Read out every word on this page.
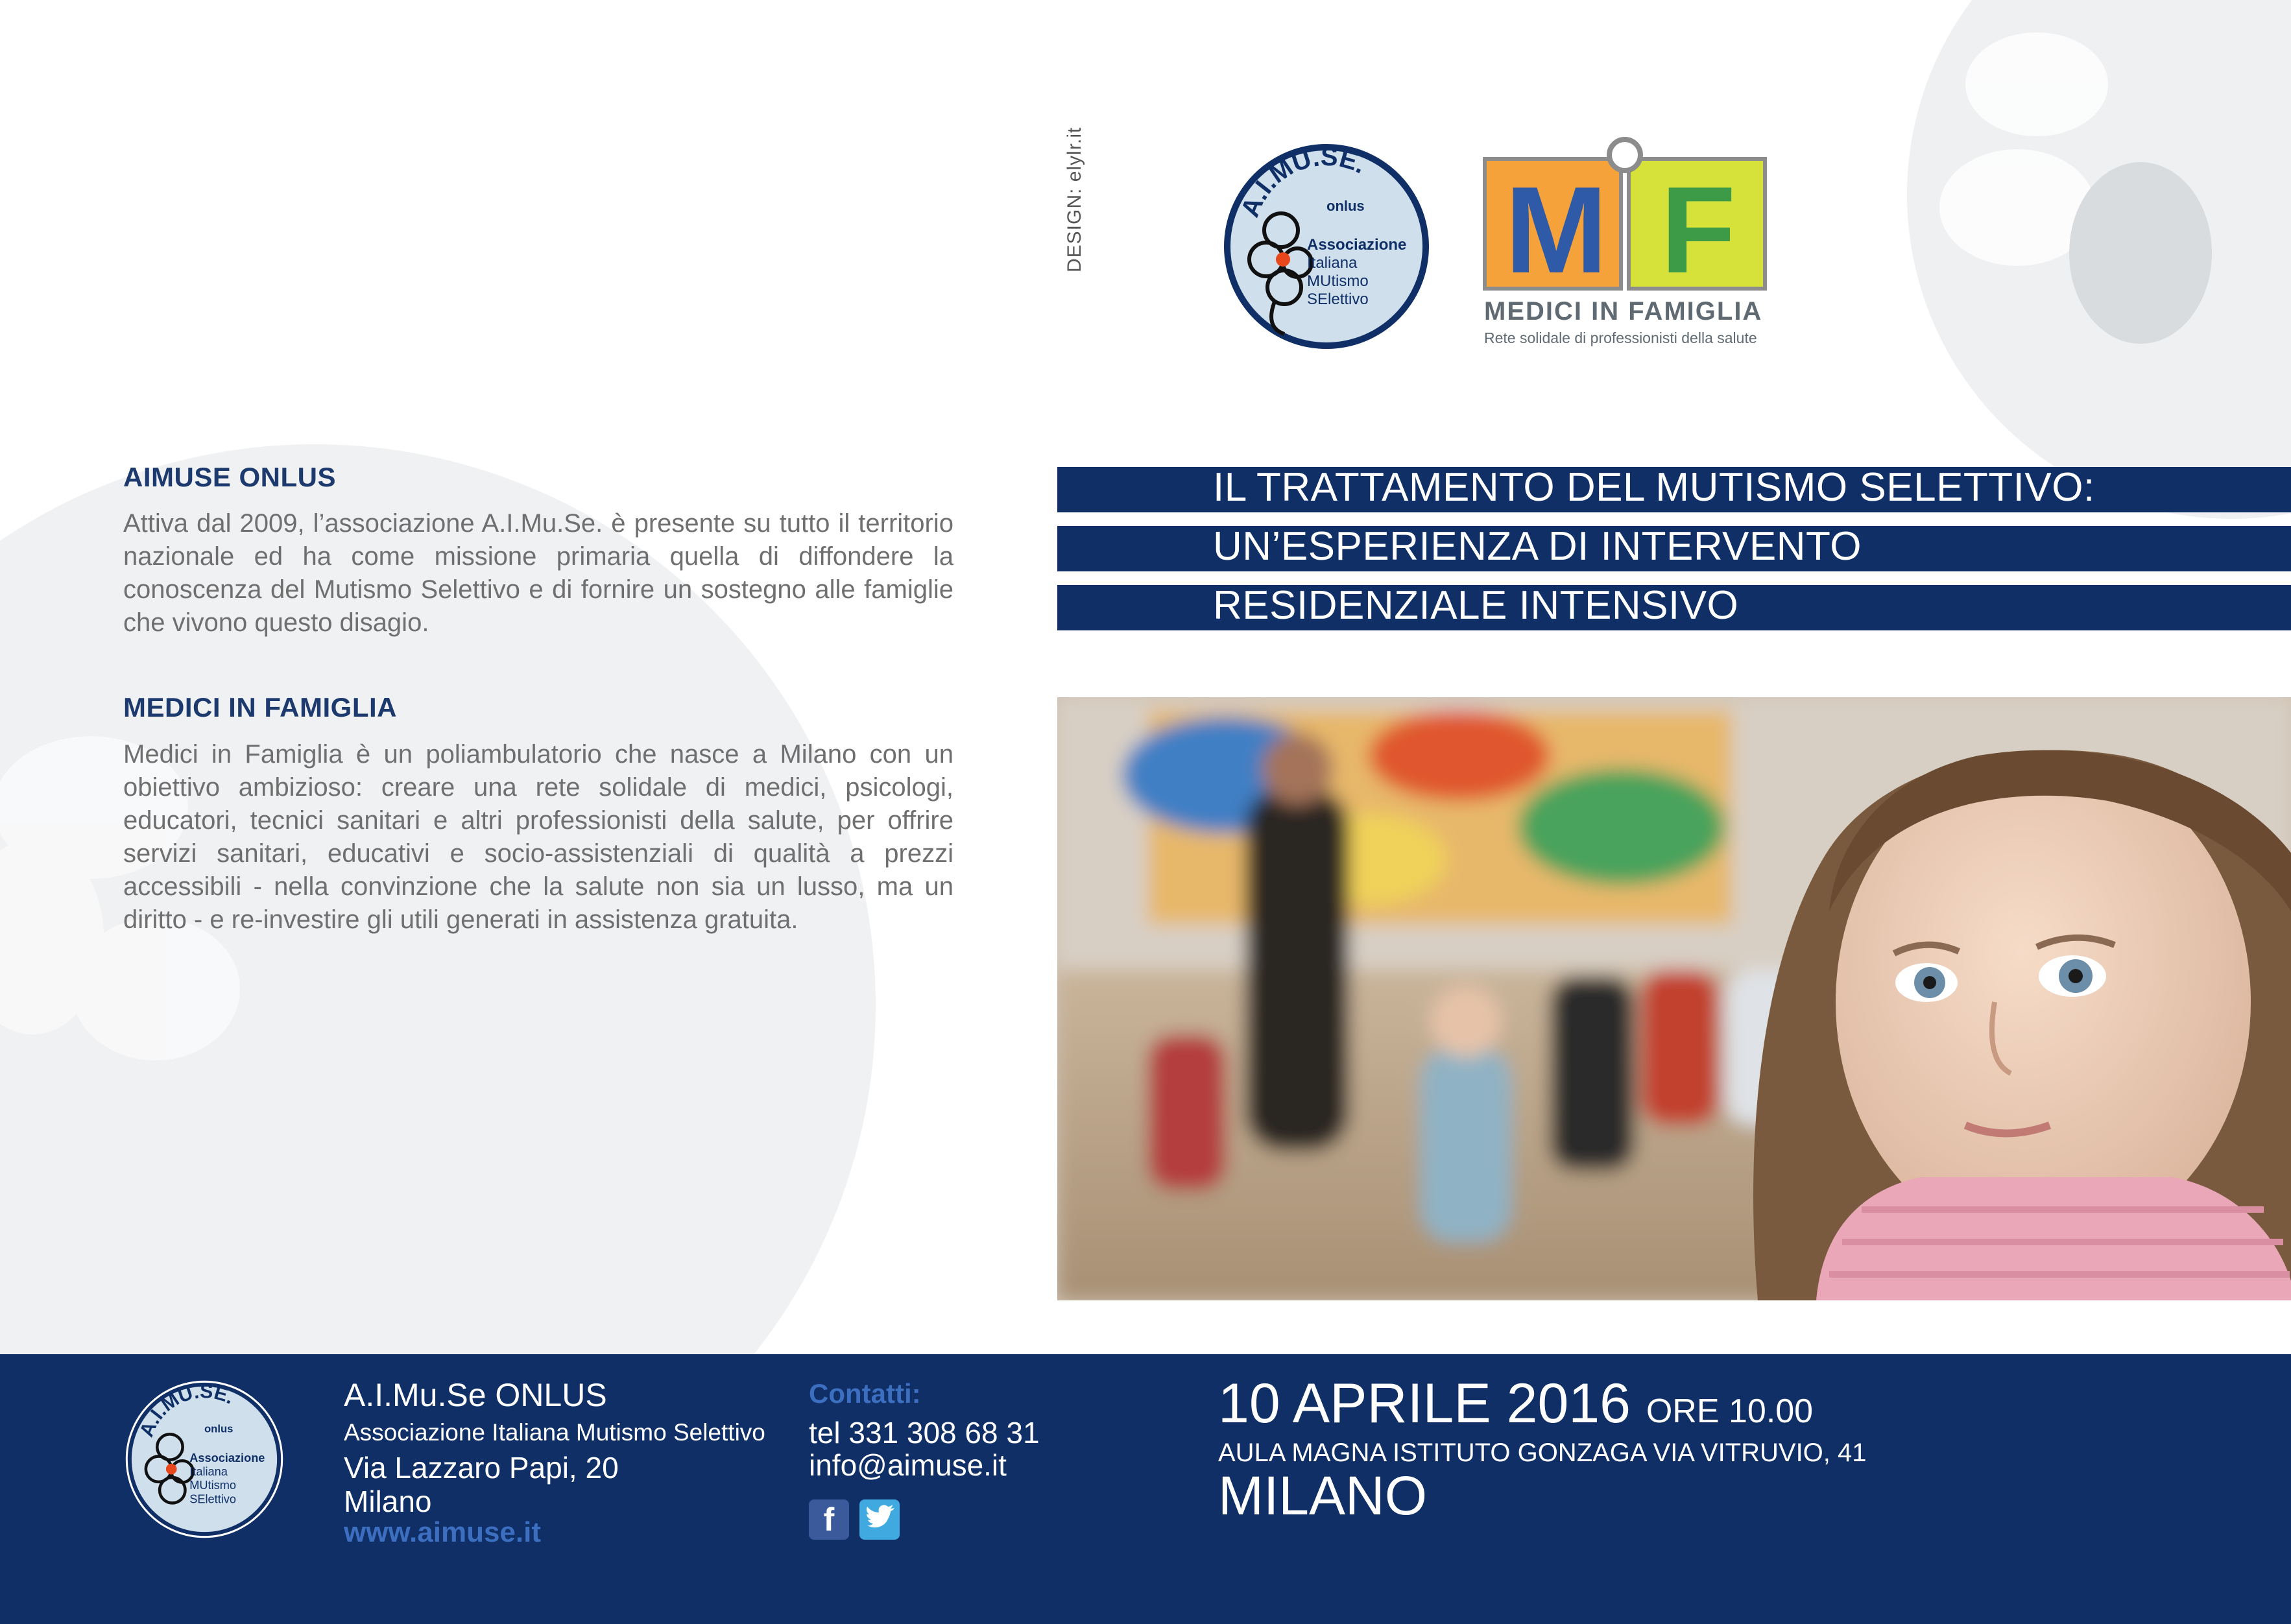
DESIGN: elylr.it	A.I.MU.SE.
onlus
Associazione
Italiana
MUtismo
SElettivo
M F
MEDICI IN FAMIGLIA
Rete solidale di professionisti della salute
AIMUSE ONLUS
Attiva dal 2009, l’associazione A.I.Mu.Se. è presente su tutto il territorio nazionale ed ha come missione primaria quella di diffondere la conoscenza del Mutismo Selettivo e di fornire un sostegno alle famiglie che vivono questo disagio.
MEDICI IN FAMIGLIA
Medici in Famiglia è un poliambulatorio che nasce a Milano con un obiettivo ambizioso: creare una rete solidale di medici, psicologi, educatori, tecnici sanitari e altri professionisti della salute, per offrire servizi sanitari, educativi e socio-assistenziali di qualità a prezzi accessibili - nella convinzione che la salute non sia un lusso, ma un diritto - e re-investire gli utili generati in assistenza gratuita.
IL TRATTAMENTO DEL MUTISMO SELETTIVO:
UN’ESPERIENZA DI INTERVENTO
RESIDENZIALE INTENSIVO
A.I.MU.SE.
onlus
Associazione
Italiana
MUtismo
SElettivo
A.I.Mu.Se ONLUS
Associazione Italiana Mutismo Selettivo
Via Lazzaro Papi, 20
Milano
www.aimuse.it
Contatti:
tel 331 308 68 31
info@aimuse.it
f
10 APRILE 2016 ORE 10.00
AULA MAGNA ISTITUTO GONZAGA VIA VITRUVIO, 41
MILANO
